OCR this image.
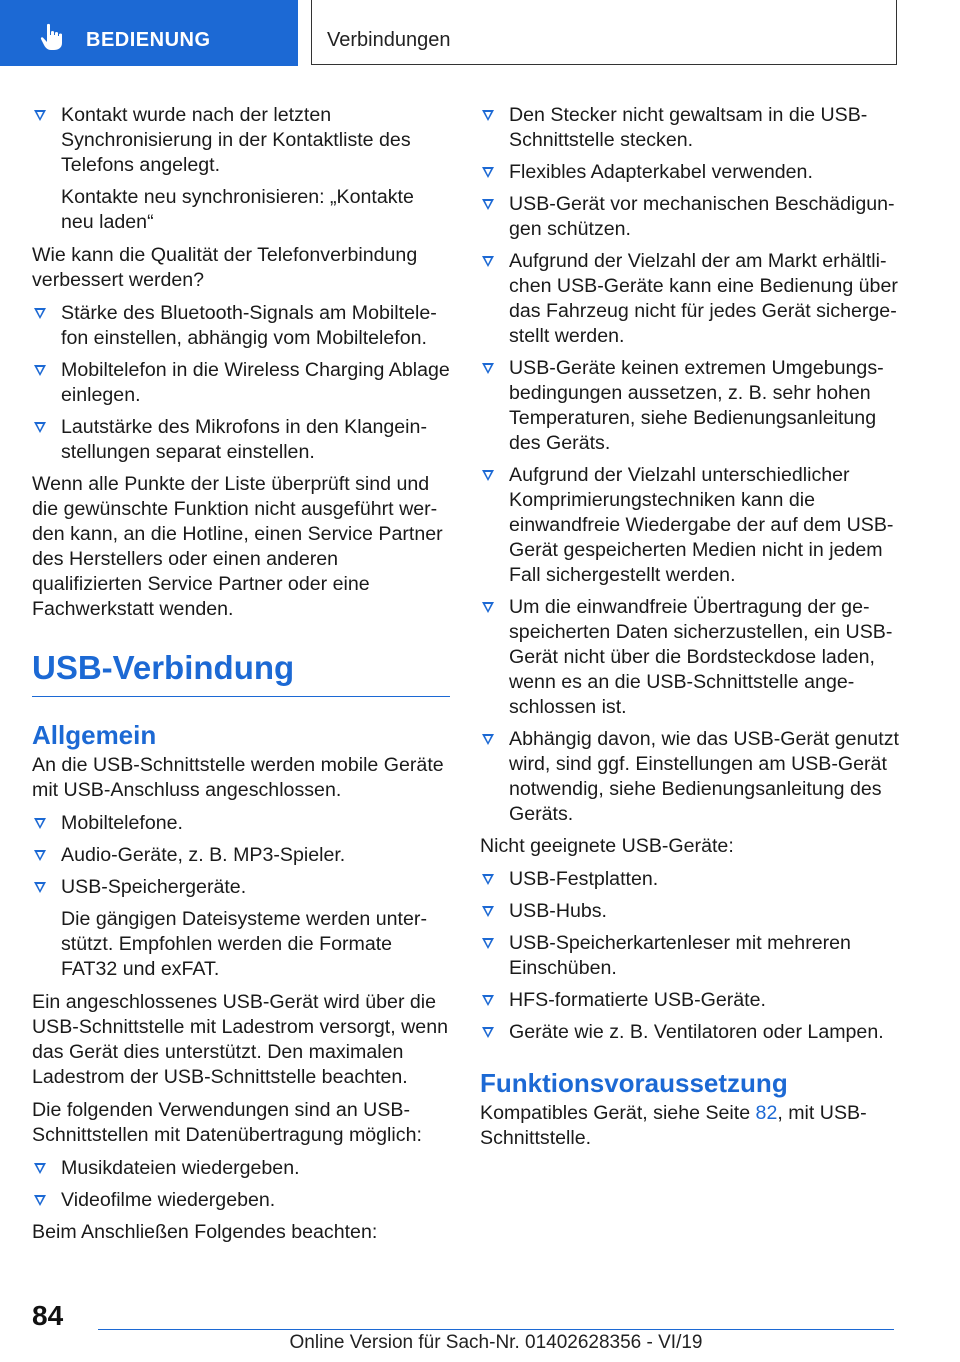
BEDIENUNG	Verbindungen
Kontakt wurde nach der letzten Synchronisierung in der Kontaktliste des Telefons angelegt.
Kontakte neu synchronisieren: „Kontakte neu laden“
Wie kann die Qualität der Telefonverbindung verbessert werden?
Stärke des Bluetooth-Signals am Mobiltelefon einstellen, abhängig vom Mobiltelefon.
Mobiltelefon in die Wireless Charging Ablage einlegen.
Lautstärke des Mikrofons in den Klangeinstellungen separat einstellen.
Wenn alle Punkte der Liste überprüft sind und die gewünschte Funktion nicht ausgeführt werden kann, an die Hotline, einen Service Partner des Herstellers oder einen anderen qualifizierten Service Partner oder eine Fachwerkstatt wenden.
USB-Verbindung
Allgemein
An die USB-Schnittstelle werden mobile Geräte mit USB-Anschluss angeschlossen.
Mobiltelefone.
Audio-Geräte, z. B. MP3-Spieler.
USB-Speichergeräte.
Die gängigen Dateisysteme werden unterstützt. Empfohlen werden die Formate FAT32 und exFAT.
Ein angeschlossenes USB-Gerät wird über die USB-Schnittstelle mit Ladestrom versorgt, wenn das Gerät dies unterstützt. Den maximalen Ladestrom der USB-Schnittstelle beachten.
Die folgenden Verwendungen sind an USB-Schnittstellen mit Datenübertragung möglich:
Musikdateien wiedergeben.
Videofilme wiedergeben.
Beim Anschließen Folgendes beachten:
Den Stecker nicht gewaltsam in die USB-Schnittstelle stecken.
Flexibles Adapterkabel verwenden.
USB-Gerät vor mechanischen Beschädigungen schützen.
Aufgrund der Vielzahl der am Markt erhältlichen USB-Geräte kann eine Bedienung über das Fahrzeug nicht für jedes Gerät sichergestellt werden.
USB-Geräte keinen extremen Umgebungsbedingungen aussetzen, z. B. sehr hohen Temperaturen, siehe Bedienungsanleitung des Geräts.
Aufgrund der Vielzahl unterschiedlicher Komprimierungstechniken kann die einwandfreie Wiedergabe der auf dem USB-Gerät gespeicherten Medien nicht in jedem Fall sichergestellt werden.
Um die einwandfreie Übertragung der gespeicherten Daten sicherzustellen, ein USB-Gerät nicht über die Bordsteckdose laden, wenn es an die USB-Schnittstelle angeschlossen ist.
Abhängig davon, wie das USB-Gerät genutzt wird, sind ggf. Einstellungen am USB-Gerät notwendig, siehe Bedienungsanleitung des Geräts.
Nicht geeignete USB-Geräte:
USB-Festplatten.
USB-Hubs.
USB-Speicherkartenleser mit mehreren Einschüben.
HFS-formatierte USB-Geräte.
Geräte wie z. B. Ventilatoren oder Lampen.
Funktionsvoraussetzung
Kompatibles Gerät, siehe Seite 82, mit USB-Schnittstelle.
84
Online Version für Sach-Nr. 01402628356 - VI/19
